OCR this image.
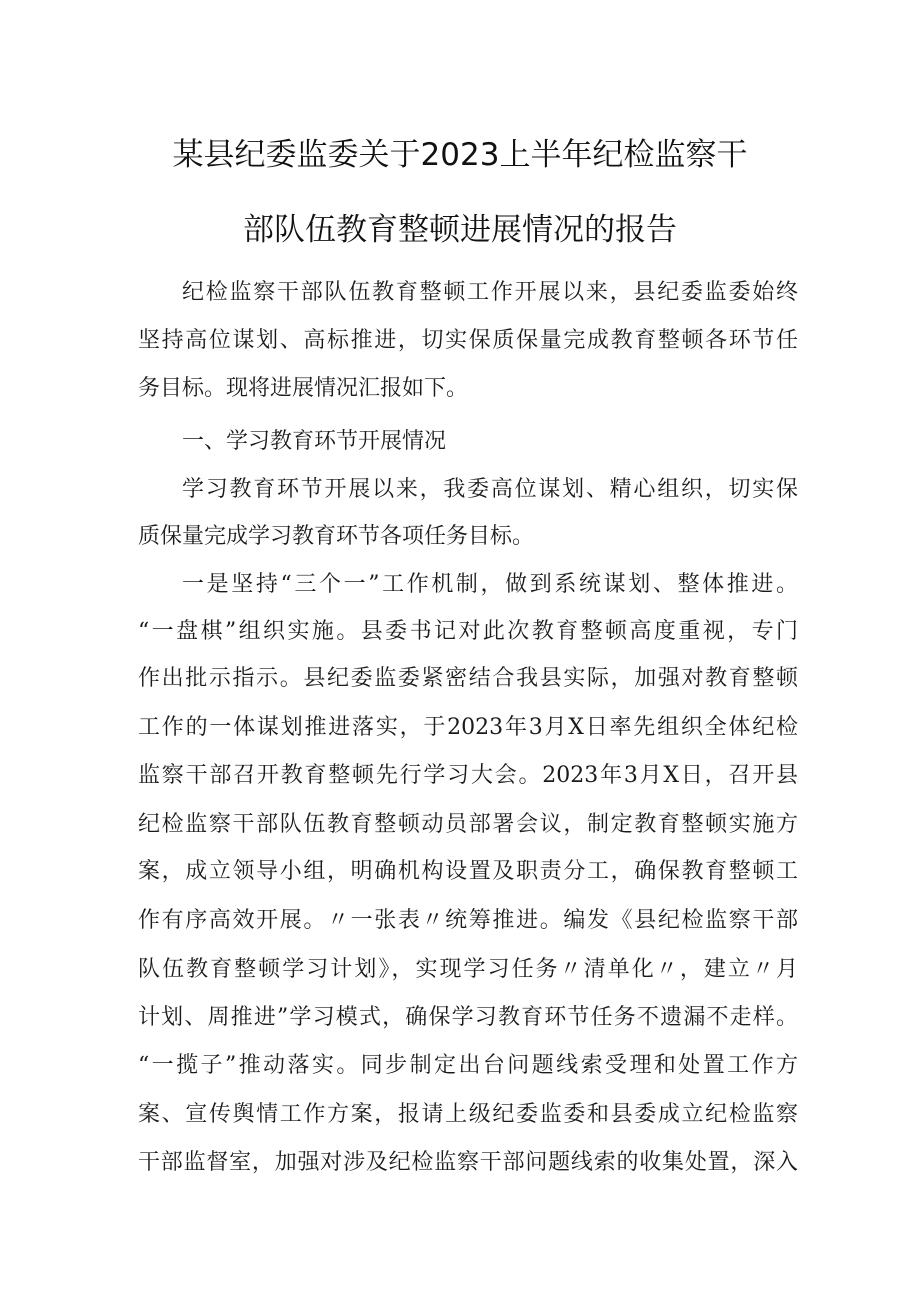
某县纪委监委关于2023上半年纪检监察干
部队伍教育整顿进展情况的报告
纪检监察干部队伍教育整顿工作开展以来，县纪委监委始终
坚持高位谋划、高标推进，切实保质保量完成教育整顿各环节任
务目标。现将进展情况汇报如下。
一、学习教育环节开展情况
学习教育环节开展以来，我委高位谋划、精心组织，切实保
质保量完成学习教育环节各项任务目标。
一是坚持“三个一”工作机制，做到系统谋划、整体推进。
“一盘棋”组织实施。县委书记对此次教育整顿高度重视，专门
作出批示指示。县纪委监委紧密结合我县实际，加强对教育整顿
工作的一体谋划推进落实，于2023年3月X日率先组织全体纪检
监察干部召开教育整顿先行学习大会。2023年3月X日，召开县
纪检监察干部队伍教育整顿动员部署会议，制定教育整顿实施方
案，成立领导小组，明确机构设置及职责分工，确保教育整顿工
作有序高效开展。〃一张表〃统筹推进。编发《县纪检监察干部
队伍教育整顿学习计划》，实现学习任务〃清单化〃，建立〃月
计划、周推进”学习模式，确保学习教育环节任务不遗漏不走样。
“一揽子”推动落实。同步制定出台问题线索受理和处置工作方
案、宣传舆情工作方案，报请上级纪委监委和县委成立纪检监察
干部监督室，加强对涉及纪检监察干部问题线索的收集处置，深入
